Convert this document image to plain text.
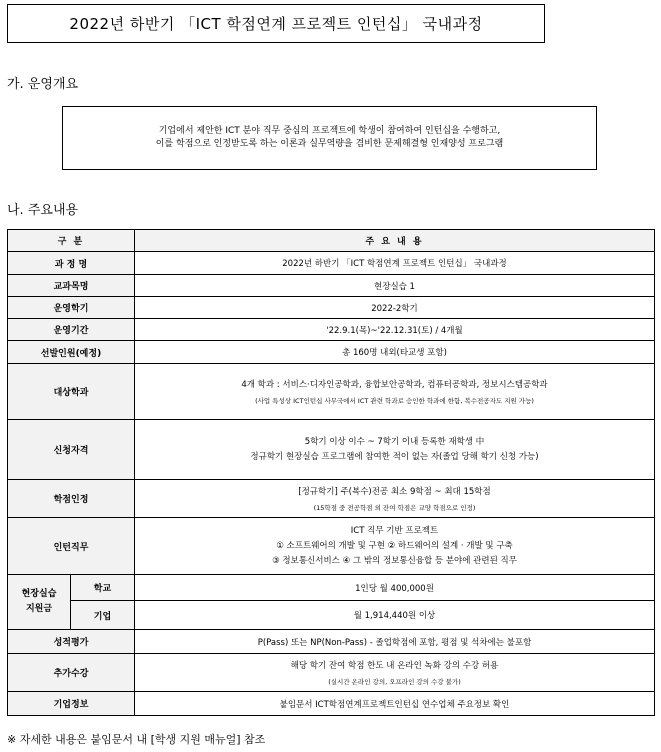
2022년 하반기 「ICT 학점연계 프로젝트 인턴십」 국내과정
가. 운영개요
기업에서 제안한 ICT 분야 직무 중심의 프로젝트에 학생이 참여하여 인턴십을 수행하고,
이를 학점으로 인정받도록 하는 이론과 실무역량을 겸비한 문제해결형 인재양성 프로그램
나. 주요내용
구 분		주 요 내 용
과 정 명		2022년 하반기 「ICT 학점연계 프로젝트 인턴십」 국내과정
교과목명		현장실습 1
운영학기		2022-2학기
운영기간		'22.9.1(목)~'22.12.31(토) / 4개월
선발인원(예정)		총 160명 내외(타교생 포함)
대상학과		4개 학과 : 서비스·디자인공학과, 융합보안공학과, 컴퓨터공학과, 정보시스템공학과
(사업 특성상 ICT인턴십 사무국에서 ICT 관련 학과로 승인한 학과에 한함, 복수전공자도 지원 가능)

신청자격		5학기 이상 이수 ~ 7학기 이내 등록한 재학생 中
정규학기 현장실습 프로그램에 참여한 적이 없는 자(졸업 당해 학기 신청 가능)

학점인정		[정규학기] 주(복수)전공 최소 9학점 ~ 최대 15학점
(15학점 중 전공학점 외 잔여 학점은 교양 학점으로 인정)

인턴직무		ICT 직무 기반 프로젝트
① 소프트웨어의 개발 및 구현 ② 하드웨어의 설계 · 개발 및 구축
③ 정보통신서비스 ④ 그 밖의 정보통신융합 등 분야에 관련된 직무

현장실습
지원금	학교	1인당 월 400,000원
	기업	월 1,914,440원 이상
성적평가		P(Pass) 또는 NP(Non-Pass) - 졸업학점에 포함, 평점 및 석차에는 불포함
추가수강		해당 학기 잔여 학점 한도 내 온라인 녹화 강의 수강 허용
(실시간 온라인 강의, 오프라인 강의 수강 불가)

기업정보		붙임문서 ICT학점연계프로젝트인턴십 연수업체 주요정보 확인
※ 자세한 내용은 붙임문서 내 [학생 지원 매뉴얼] 참조
